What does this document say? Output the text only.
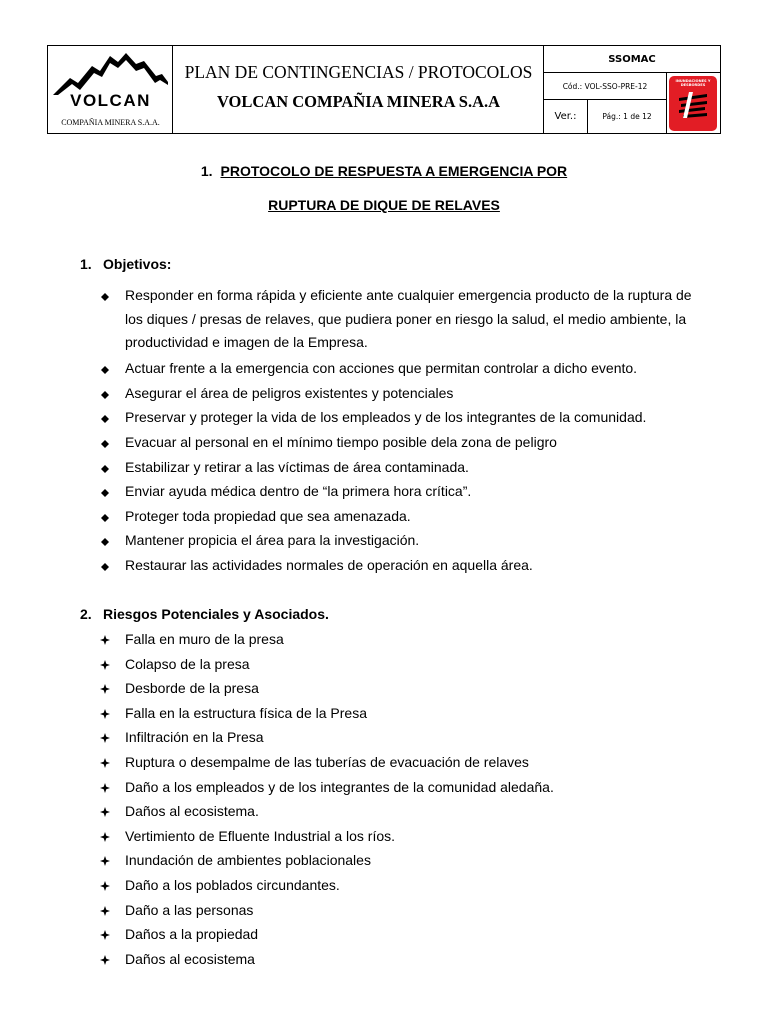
VOLCAN
COMPAÑIA MINERA S.A.A.
PLAN DE CONTINGENCIAS / PROTOCOLOS
VOLCAN COMPAÑIA MINERA S.A.A
SSOMAC
Cód.: VOL-SSO-PRE-12
Ver.:	Pág.: 1 de 12
INUNDACIONES Y DESBORDES
1. PROTOCOLO DE RESPUESTA A EMERGENCIA POR
RUPTURA DE DIQUE DE RELAVES
1. Objetivos:
Responder en forma rápida y eficiente ante cualquier emergencia producto de la ruptura de los diques / presas de relaves, que pudiera poner en riesgo la salud, el medio ambiente, la productividad e imagen de la Empresa.
Actuar frente a la emergencia con acciones que permitan controlar a dicho evento.
Asegurar el área de peligros existentes y potenciales
Preservar y proteger la vida de los empleados y de los integrantes de la comunidad.
Evacuar al personal en el mínimo tiempo posible dela zona de peligro
Estabilizar y retirar a las víctimas de área contaminada.
Enviar ayuda médica dentro de “la primera hora crítica”.
Proteger toda propiedad que sea amenazada.
Mantener propicia el área para la investigación.
Restaurar las actividades normales de operación en aquella área.
2. Riesgos Potenciales y Asociados.
Falla en muro de la presa
Colapso de la presa
Desborde de la presa
Falla en la estructura física de la Presa
Infiltración en la Presa
Ruptura o desempalme de las tuberías de evacuación de relaves
Daño a los empleados y de los integrantes de la comunidad aledaña.
Daños al ecosistema.
Vertimiento de Efluente Industrial a los ríos.
Inundación de ambientes poblacionales
Daño a los poblados circundantes.
Daño a las personas
Daños a la propiedad
Daños al ecosistema
